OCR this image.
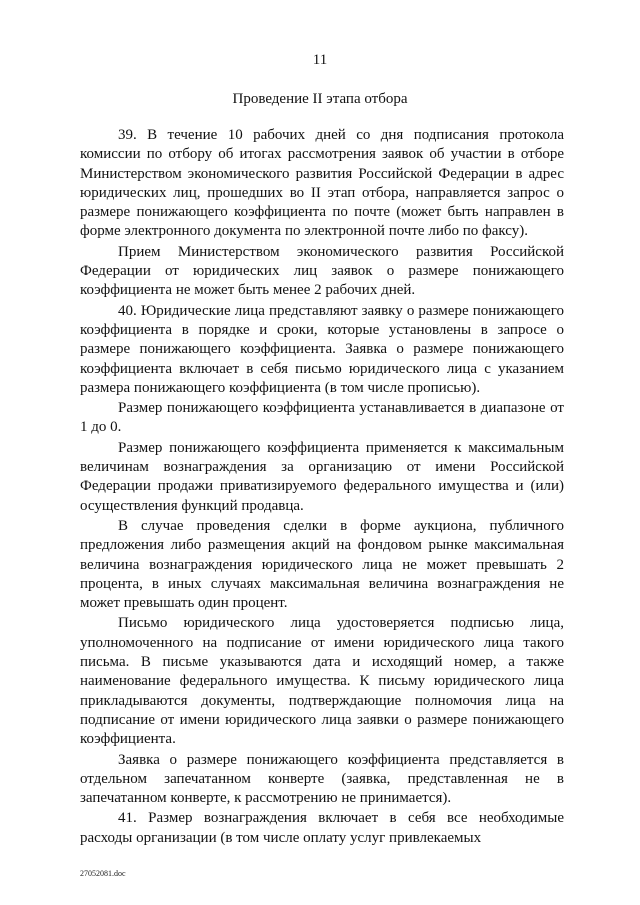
11
Проведение II этапа отбора

39. В течение 10 рабочих дней со дня подписания протокола комиссии по отбору об итогах рассмотрения заявок об участии в отборе Министерством экономического развития Российской Федерации в адрес юридических лиц, прошедших во II этап отбора, направляется запрос о размере понижающего коэффициента по почте (может быть направлен в форме электронного документа по электронной почте либо по факсу).

Прием Министерством экономического развития Российской Федерации от юридических лиц заявок о размере понижающего коэффициента не может быть менее 2 рабочих дней.

40. Юридические лица представляют заявку о размере понижающего коэффициента в порядке и сроки, которые установлены в запросе о размере понижающего коэффициента. Заявка о размере понижающего коэффициента включает в себя письмо юридического лица с указанием размера понижающего коэффициента (в том числе прописью).

Размер понижающего коэффициента устанавливается в диапазоне от 1 до 0.

Размер понижающего коэффициента применяется к максимальным величинам вознаграждения за организацию от имени Российской Федерации продажи приватизируемого федерального имущества и (или) осуществления функций продавца.

В случае проведения сделки в форме аукциона, публичного предложения либо размещения акций на фондовом рынке максимальная величина вознаграждения юридического лица не может превышать 2 процента, в иных случаях максимальная величина вознаграждения не может превышать один процент.

Письмо юридического лица удостоверяется подписью лица, уполномоченного на подписание от имени юридического лица такого письма. В письме указываются дата и исходящий номер, а также наименование федерального имущества. К письму юридического лица прикладываются документы, подтверждающие полномочия лица на подписание от имени юридического лица заявки о размере понижающего коэффициента.

Заявка о размере понижающего коэффициента представляется в отдельном запечатанном конверте (заявка, представленная не в запечатанном конверте, к рассмотрению не принимается).

41. Размер вознаграждения включает в себя все необходимые расходы организации (в том числе оплату услуг привлекаемых

27052081.doc
